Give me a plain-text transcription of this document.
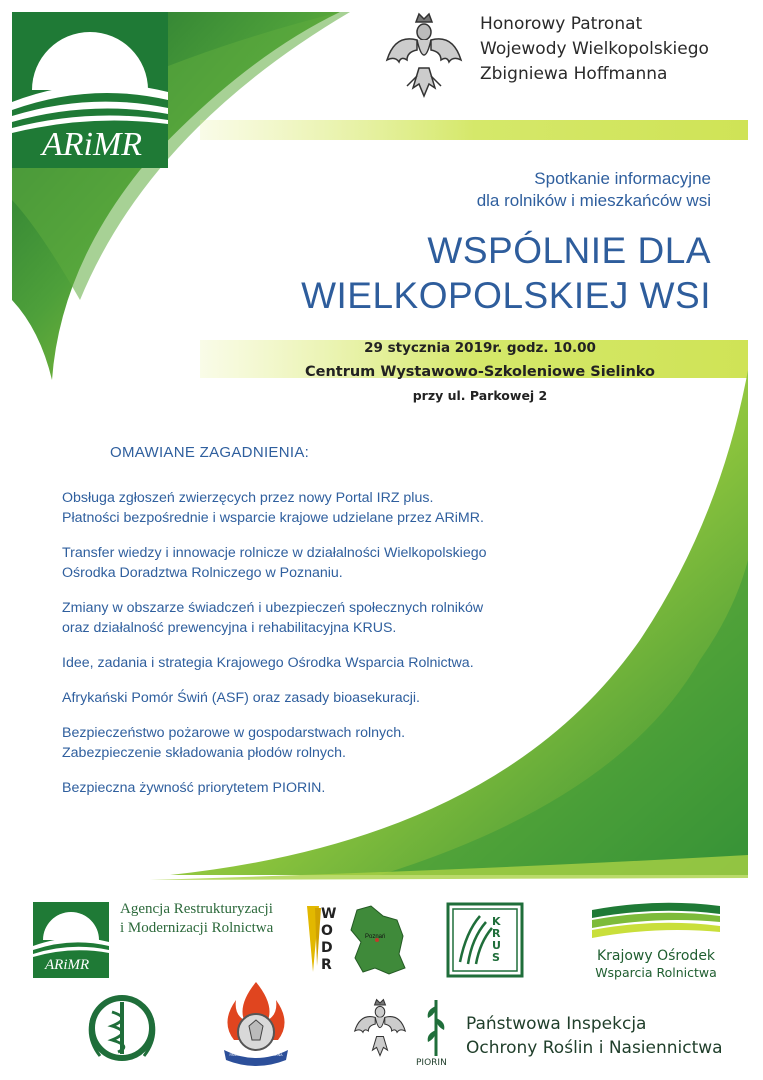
ARiMR
Honorowy Patronat
Wojewody Wielkopolskiego
Zbigniewa Hoffmanna
Spotkanie informacyjne
dla rolników i mieszkańców wsi
WSPÓLNIE DLA
WIELKOPOLSKIEJ WSI
29 stycznia 2019r. godz. 10.00
Centrum Wystawowo-Szkoleniowe Sielinko
przy ul. Parkowej 2
OMAWIANE ZAGADNIENIA:
Obsługa zgłoszeń zwierzęcych przez nowy Portal IRZ plus.
Płatności bezpośrednie i wsparcie krajowe udzielane przez ARiMR.
Transfer wiedzy i innowacje rolnicze w działalności Wielkopolskiego
Ośrodka Doradztwa Rolniczego w Poznaniu.
Zmiany w obszarze świadczeń i ubezpieczeń społecznych rolników
oraz działalność prewencyjna i rehabilitacyjna KRUS.
Idee, zadania i strategia Krajowego Ośrodka Wsparcia Rolnictwa.
Afrykański Pomór Świń (ASF) oraz zasady bioasekuracji.
Bezpieczeństwo pożarowe w gospodarstwach rolnych.
Zabezpieczenie składowania płodów rolnych.
Bezpieczna żywność priorytetem PIORIN.
ARiMR
Agencja Restrukturyzacji
i Modernizacji Rolnictwa
WODR
Poznań
KRUS	Krajowy Ośrodek
Wsparcia Rolnictwa
PAŃSTWOWA STRAŻ POŻARNA
PIORIN
Państwowa Inspekcja
Ochrony Roślin i Nasiennictwa
